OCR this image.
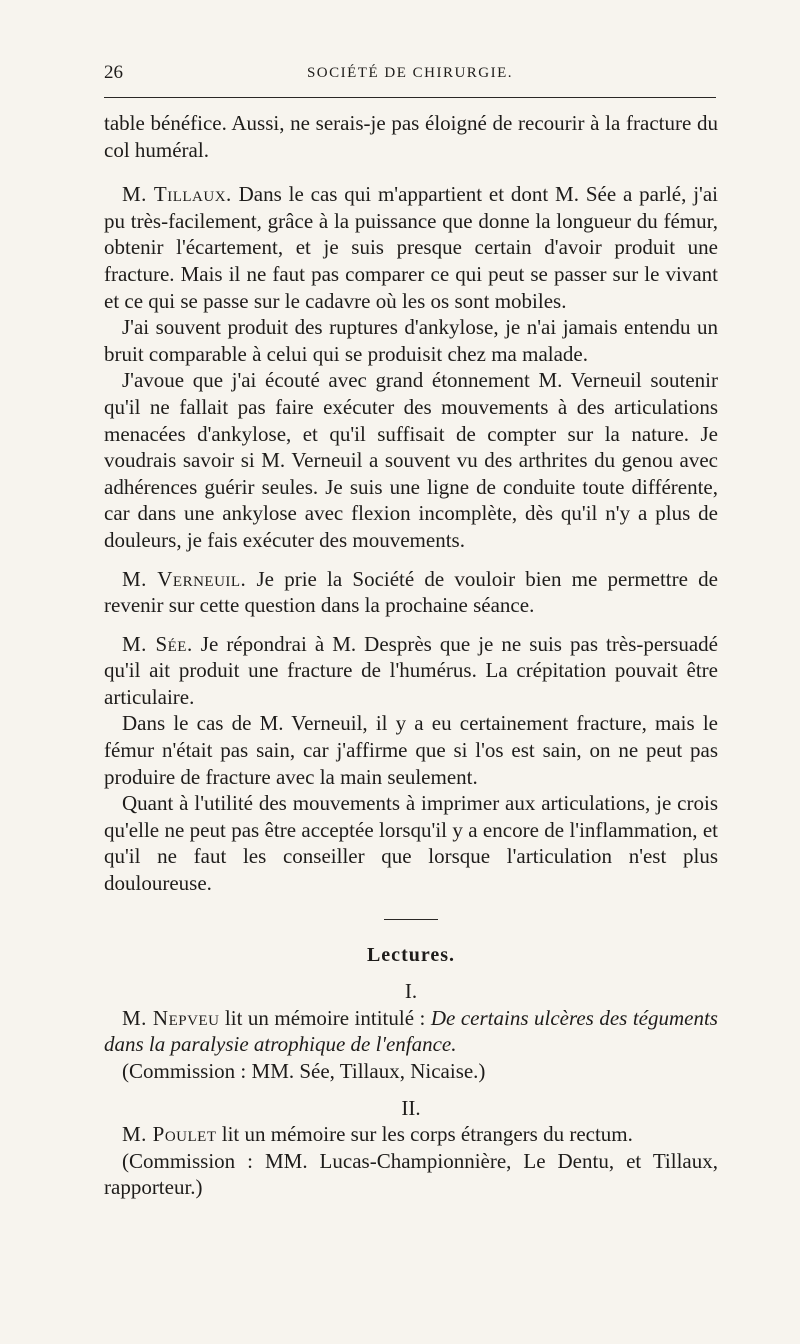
26	SOCIÉTÉ DE CHIRURGIE.

table bénéfice. Aussi, ne serais-je pas éloigné de recourir à la fracture du col huméral.

M. Tillaux. Dans le cas qui m'appartient et dont M. Sée a parlé, j'ai pu très-facilement, grâce à la puissance que donne la longueur du fémur, obtenir l'écartement, et je suis presque certain d'avoir produit une fracture. Mais il ne faut pas comparer ce qui peut se passer sur le vivant et ce qui se passe sur le cadavre où les os sont mobiles.

J'ai souvent produit des ruptures d'ankylose, je n'ai jamais entendu un bruit comparable à celui qui se produisit chez ma malade.

J'avoue que j'ai écouté avec grand étonnement M. Verneuil soutenir qu'il ne fallait pas faire exécuter des mouvements à des articulations menacées d'ankylose, et qu'il suffisait de compter sur la nature. Je voudrais savoir si M. Verneuil a souvent vu des arthrites du genou avec adhérences guérir seules. Je suis une ligne de conduite toute différente, car dans une ankylose avec flexion incomplète, dès qu'il n'y a plus de douleurs, je fais exécuter des mouvements.

M. Verneuil. Je prie la Société de vouloir bien me permettre de revenir sur cette question dans la prochaine séance.

M. Sée. Je répondrai à M. Desprès que je ne suis pas très-persuadé qu'il ait produit une fracture de l'humérus. La crépitation pouvait être articulaire.

Dans le cas de M. Verneuil, il y a eu certainement fracture, mais le fémur n'était pas sain, car j'affirme que si l'os est sain, on ne peut pas produire de fracture avec la main seulement.

Quant à l'utilité des mouvements à imprimer aux articulations, je crois qu'elle ne peut pas être acceptée lorsqu'il y a encore de l'inflammation, et qu'il ne faut les conseiller que lorsque l'articulation n'est plus douloureuse.

Lectures.

I.

M. Nepveu lit un mémoire intitulé : De certains ulcères des téguments dans la paralysie atrophique de l'enfance.

(Commission : MM. Sée, Tillaux, Nicaise.)

II.

M. Poulet lit un mémoire sur les corps étrangers du rectum.

(Commission : MM. Lucas-Championnière, Le Dentu, et Tillaux, rapporteur.)
